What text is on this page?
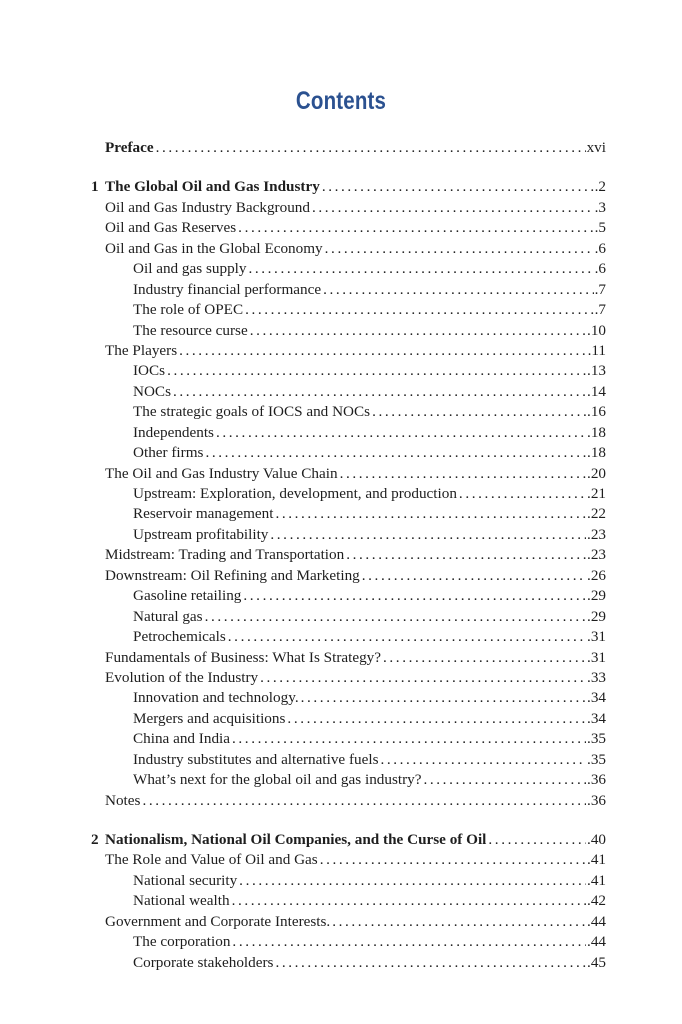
Contents
Preface . . .	xvi
1 The Global Oil and Gas Industry . . .	.2
Oil and Gas Industry Background . . .	.3
Oil and Gas Reserves . . .	.5
Oil and Gas in the Global Economy . . .	.6
Oil and gas supply . . .	.6
Industry financial performance . . .	.7
The role of OPEC . . .	.7
The resource curse . . .	.10
The Players . . .	.11
IOCs . . .	.13
NOCs . . .	.14
The strategic goals of IOCS and NOCs . . .	.16
Independents . . .	.18
Other firms . . .	.18
The Oil and Gas Industry Value Chain . . .	.20
Upstream: Exploration, development, and production . . .	.21
Reservoir management . . .	.22
Upstream profitability . . .	.23
Midstream: Trading and Transportation . . .	.23
Downstream: Oil Refining and Marketing . . .	.26
Gasoline retailing . . .	.29
Natural gas . . .	.29
Petrochemicals . . .	.31
Fundamentals of Business: What Is Strategy? . . .	.31
Evolution of the Industry . . .	.33
Innovation and technology. . . .	.34
Mergers and acquisitions . . .	.34
China and India . . .	.35
Industry substitutes and alternative fuels . . .	.35
What’s next for the global oil and gas industry? . . .	.36
Notes . . .	.36
2 Nationalism, National Oil Companies, and the Curse of Oil . . .	.40
The Role and Value of Oil and Gas . . .	.41
National security . . .	.41
National wealth . . .	.42
Government and Corporate Interests. . . .	.44
The corporation . . .	.44
Corporate stakeholders . . .	.45
